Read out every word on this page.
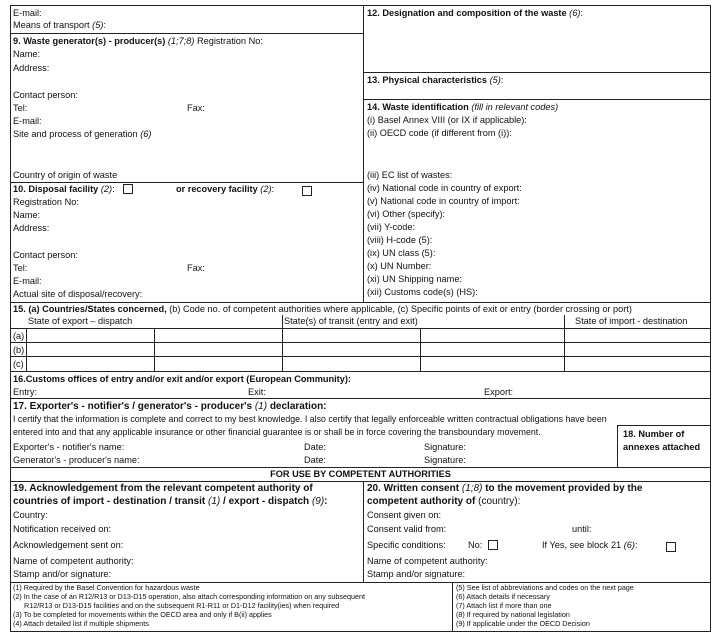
E-mail:
Means of transport (5):
9. Waste generator(s) - producer(s) (1;7;8) Registration No:
Name:
Address:
Contact person:
Tel:	Fax:
E-mail:
Site and process of generation (6)
Country of origin of waste
10. Disposal facility (2):	or recovery facility (2):
Registration No:
Name:
Address:
Contact person:
Tel:	Fax:
E-mail:
Actual site of disposal/recovery:
12. Designation and composition of the waste (6):
13. Physical characteristics (5):
14. Waste identification (fill in relevant codes)
(i) Basel Annex VIII (or IX if applicable):
(ii) OECD code (if different from (i)):
(iii) EC list of wastes:
(iv) National code in country of export:
(v) National code in country of import:
(vi) Other (specify):
(vii) Y-code:
(viii) H-code (5):
(ix) UN class (5):
(x) UN Number:
(xi) UN Shipping name:
(xii) Customs code(s) (HS):
15. (a) Countries/States concerned, (b) Code no. of competent authorities where applicable, (c) Specific points of exit or entry (border crossing or port)
State of export – dispatch	State(s) of transit (entry and exit)	State of import - destination
(a)
(b)
(c)
16.Customs offices of entry and/or exit and/or export (European Community):
Entry:	Exit:	Export:
17. Exporter's - notifier's / generator's - producer's (1) declaration:
I certify that the information is complete and correct to my best knowledge. I also certify that legally enforceable written contractual obligations have been
entered into and that any applicable insurance or other financial guarantee is or shall be in force covering the transboundary movement.
Exporter's - notifier's name:	Date:	Signature:
Generator's - producer's name:	Date:	Signature:
18. Number of
annexes attached
FOR USE BY COMPETENT AUTHORITIES
19. Acknowledgement from the relevant competent authority of
countries of import - destination / transit (1) / export - dispatch (9):
Country:
Notification received on:
Acknowledgement sent on:
Name of competent authority:
Stamp and/or signature:
20. Written consent (1;8) to the movement provided by the
competent authority of (country):
Consent given on:
Consent valid from:	until:
Specific conditions: No:	If Yes, see block 21 (6):
Name of competent authority:
Stamp and/or signature:
(1) Required by the Basel Convention for hazardous waste
(2) In the case of an R12/R13 or D13-D15 operation, also attach corresponding information on any subsequent
R12/R13 or D13-D15 facilities and on the subsequent R1-R11 or D1-D12 facility(ies) when required
(3) To be completed for movements within the OECD area and only if B(ii) applies
(4) Attach detailed list if multiple shipments
(5) See list of abbreviations and codes on the next page
(6) Attach details if necessary
(7) Attach list if more than one
(8) If required by national legislation
(9) If applicable under the OECD Decision
